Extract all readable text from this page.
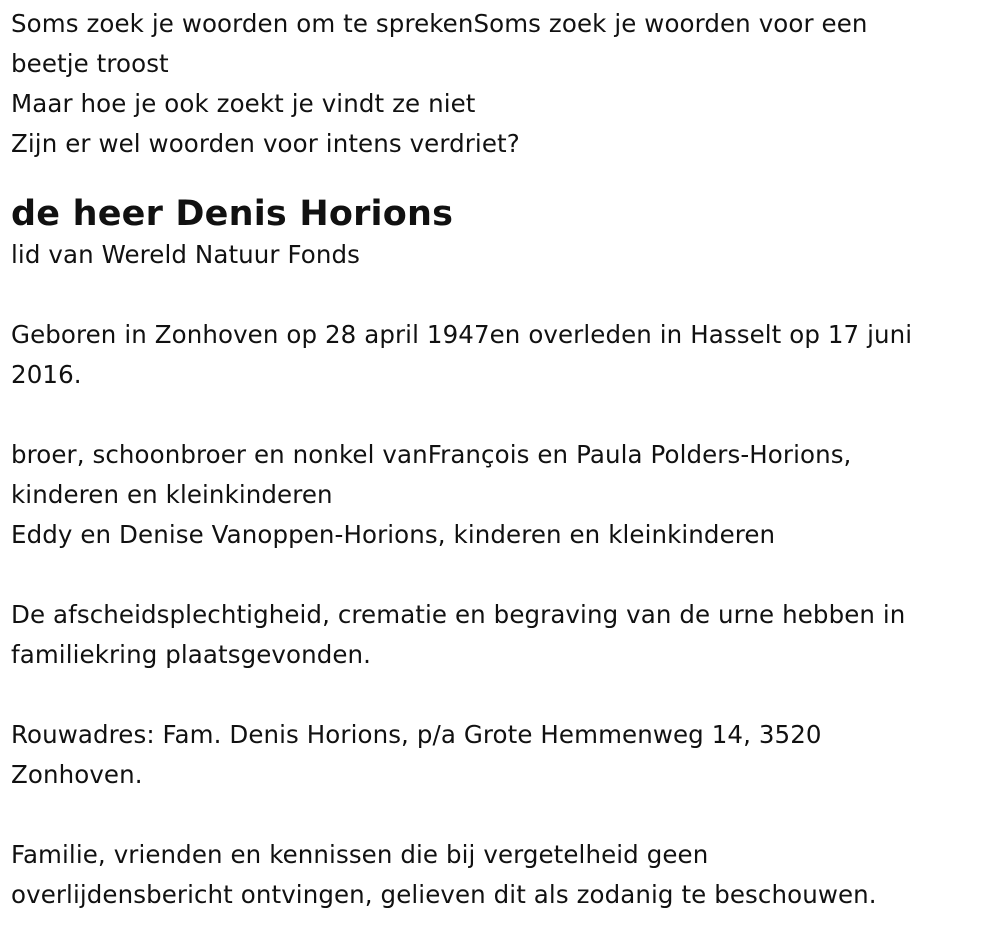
Soms zoek je woorden om te sprekenSoms zoek je woorden voor een
beetje troost
Maar hoe je ook zoekt je vindt ze niet
Zijn er wel woorden voor intens verdriet?
de heer Denis Horions
lid van Wereld Natuur Fonds
Geboren in Zonhoven op 28 april 1947en overleden in Hasselt op 17 juni
2016.
broer, schoonbroer en nonkel vanFrançois en Paula Polders-Horions,
kinderen en kleinkinderen
Eddy en Denise Vanoppen-Horions, kinderen en kleinkinderen
De afscheidsplechtigheid, crematie en begraving van de urne hebben in
familiekring plaatsgevonden.
Rouwadres: Fam. Denis Horions, p/a Grote Hemmenweg 14, 3520
Zonhoven.
Familie, vrienden en kennissen die bij vergetelheid geen
overlijdensbericht ontvingen, gelieven dit als zodanig te beschouwen.
